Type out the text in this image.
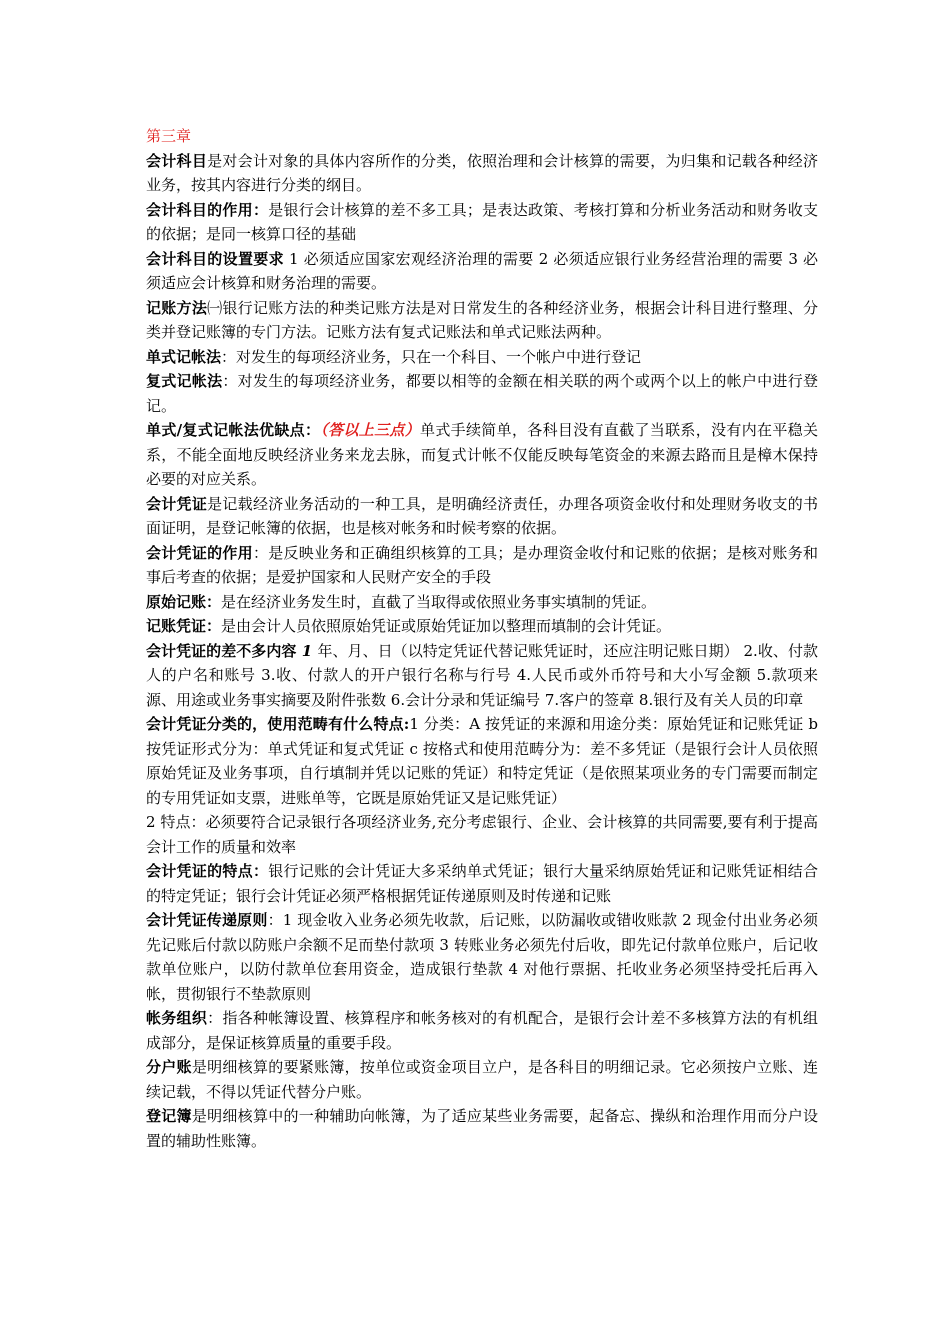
第三章

会计科目是对会计对象的具体内容所作的分类，依照治理和会计核算的需要，为归集和记载各种经济业务，按其内容进行分类的纲目。

会计科目的作用：是银行会计核算的差不多工具；是表达政策、考核打算和分析业务活动和财务收支的依据；是同一核算口径的基础

会计科目的设置要求 1 必须适应国家宏观经济治理的需要 2 必须适应银行业务经营治理的需要 3 必须适应会计核算和财务治理的需要。

记账方法㈠银行记账方法的种类记账方法是对日常发生的各种经济业务，根据会计科目进行整理、分类并登记账簿的专门方法。记账方法有复式记账法和单式记账法两种。

单式记帐法：对发生的每项经济业务，只在一个科目、一个帐户中进行登记

复式记帐法：对发生的每项经济业务，都要以相等的金额在相关联的两个或两个以上的帐户中进行登记。

单式/复式记帐法优缺点：（答以上三点）单式手续简单，各科目没有直截了当联系，没有内在平稳关系，不能全面地反映经济业务来龙去脉，而复式计帐不仅能反映每笔资金的来源去路而且是樟木保持必要的对应关系。

会计凭证是记载经济业务活动的一种工具，是明确经济责任，办理各项资金收付和处理财务收支的书面证明，是登记帐簿的依据，也是核对帐务和时候考察的依据。

会计凭证的作用：是反映业务和正确组织核算的工具；是办理资金收付和记账的依据；是核对账务和事后考查的依据；是爱护国家和人民财产安全的手段

原始记账：是在经济业务发生时，直截了当取得或依照业务事实填制的凭证。

记账凭证：是由会计人员依照原始凭证或原始凭证加以整理而填制的会计凭证。

会计凭证的差不多内容 1 年、月、日（以特定凭证代替记账凭证时，还应注明记账日期） 2.收、付款人的户名和账号 3.收、付款人的开户银行名称与行号 4.人民币或外币符号和大小写金额 5.款项来源、用途或业务事实摘要及附件张数 6.会计分录和凭证编号 7.客户的签章 8.银行及有关人员的印章

会计凭证分类的，使用范畴有什么特点:1 分类：A 按凭证的来源和用途分类：原始凭证和记账凭证 b 按凭证形式分为：单式凭证和复式凭证 c 按格式和使用范畴分为：差不多凭证（是银行会计人员依照原始凭证及业务事项，自行填制并凭以记账的凭证）和特定凭证（是依照某项业务的专门需要而制定的专用凭证如支票，进账单等，它既是原始凭证又是记账凭证）

2 特点：必须要符合记录银行各项经济业务,充分考虑银行、企业、会计核算的共同需要,要有利于提高会计工作的质量和效率

会计凭证的特点：银行记账的会计凭证大多采纳单式凭证；银行大量采纳原始凭证和记账凭证相结合的特定凭证；银行会计凭证必须严格根据凭证传递原则及时传递和记账

会计凭证传递原则：1 现金收入业务必须先收款，后记账，以防漏收或错收账款 2 现金付出业务必须先记账后付款以防账户余额不足而垫付款项 3 转账业务必须先付后收，即先记付款单位账户，后记收款单位账户，以防付款单位套用资金，造成银行垫款 4 对他行票据、托收业务必须坚持受托后再入帐，贯彻银行不垫款原则

帐务组织：指各种帐簿设置、核算程序和帐务核对的有机配合，是银行会计差不多核算方法的有机组成部分，是保证核算质量的重要手段。

分户账是明细核算的要紧账簿，按单位或资金项目立户，是各科目的明细记录。它必须按户立账、连续记载，不得以凭证代替分户账。

登记簿是明细核算中的一种辅助向帐簿，为了适应某些业务需要，起备忘、操纵和治理作用而分户设置的辅助性账簿。
